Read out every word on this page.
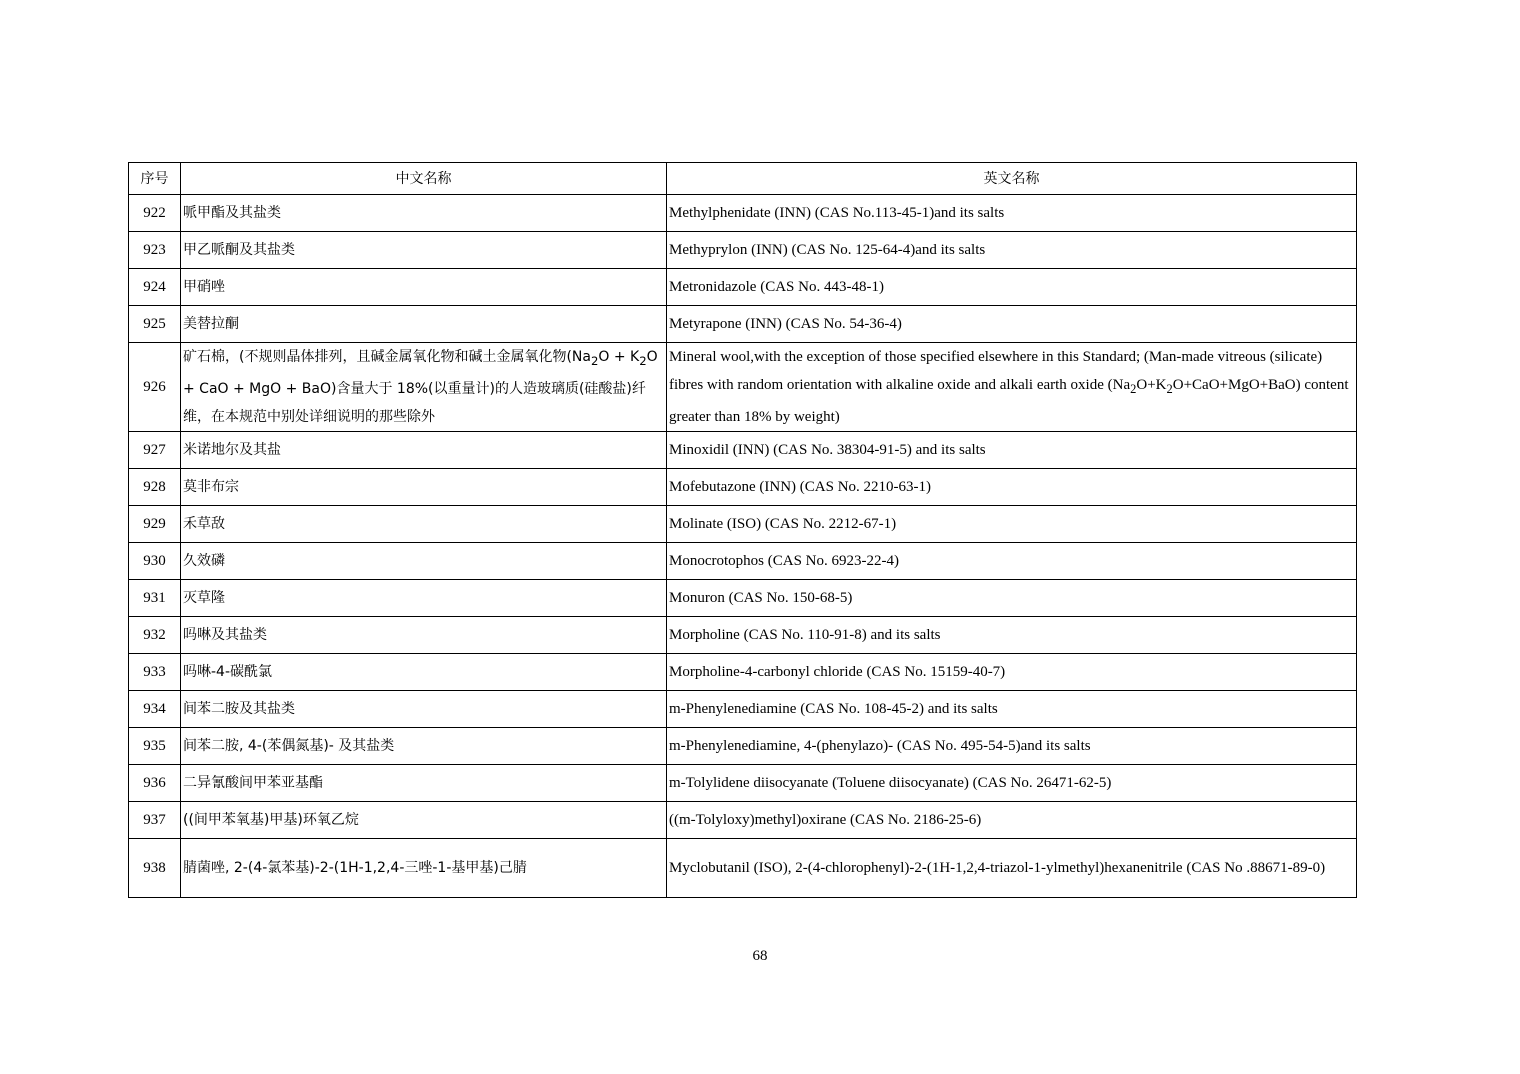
序号	中文名称	英文名称
922	哌甲酯及其盐类	Methylphenidate (INN) (CAS No.113-45-1)and its salts
923	甲乙哌酮及其盐类	Methyprylon (INN) (CAS No. 125-64-4)and its salts
924	甲硝唑	Metronidazole (CAS No. 443-48-1)
925	美替拉酮	Metyrapone (INN) (CAS No. 54-36-4)
926	矿石棉，(不规则晶体排列，且碱金属氧化物和碱土金属氧化物($Na_2O + K_2O$ + CaO + MgO + BaO)含量大于 18%(以重量计)的人造玻璃质(硅酸盐)纤维，在本规范中别处详细说明的那些除外	Mineral wool,with the exception of those specified elsewhere in this Standard; (Man-made vitreous (silicate) fibres with random orientation with alkaline oxide and alkali earth oxide $(Na_2O+K_2O+CaO+MgO+BaO)$ content greater than 18% by weight)
927	米诺地尔及其盐	Minoxidil (INN) (CAS No. 38304-91-5) and its salts
928	莫非布宗	Mofebutazone (INN) (CAS No. 2210-63-1)
929	禾草敌	Molinate (ISO) (CAS No. 2212-67-1)
930	久效磷	Monocrotophos (CAS No. 6923-22-4)
931	灭草隆	Monuron (CAS No. 150-68-5)
932	吗啉及其盐类	Morpholine (CAS No. 110-91-8) and its salts
933	吗啉-4-碳酰氯	Morpholine-4-carbonyl chloride (CAS No. 15159-40-7)
934	间苯二胺及其盐类	m-Phenylenediamine (CAS No. 108-45-2) and its salts
935	间苯二胺, 4-(苯偶氮基)- 及其盐类	m-Phenylenediamine, 4-(phenylazo)- (CAS No. 495-54-5)and its salts
936	二异氰酸间甲苯亚基酯	m-Tolylidene diisocyanate (Toluene diisocyanate) (CAS No. 26471-62-5)
937	((间甲苯氧基)甲基)环氧乙烷	((m-Tolyloxy)methyl)oxirane (CAS No. 2186-25-6)
938	腈菌唑, 2-(4-氯苯基)-2-(1H-1,2,4-三唑-1-基甲基)己腈	Myclobutanil (ISO), 2-(4-chlorophenyl)-2-(1H-1,2,4-triazol-1-ylmethyl)hexanenitrile (CAS No .88671-89-0)
68
